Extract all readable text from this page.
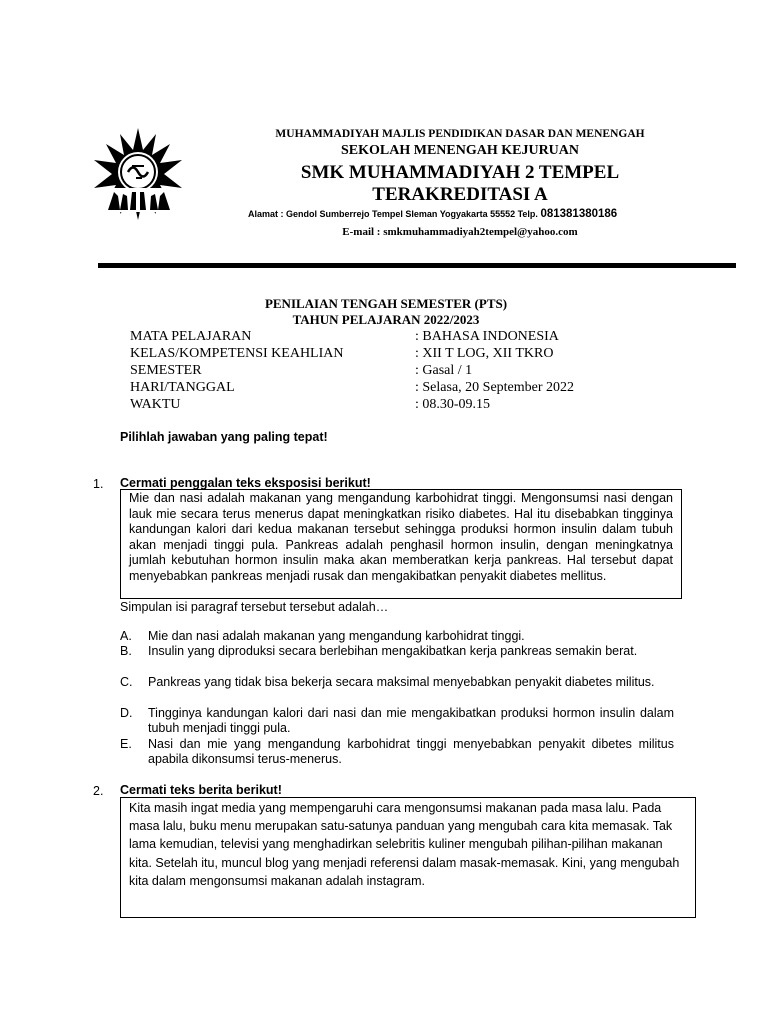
MUHAMMADIYAH MAJLIS PENDIDIKAN DASAR DAN MENENGAH
SEKOLAH MENENGAH KEJURUAN
SMK MUHAMMADIYAH 2 TEMPEL
TERAKREDITASI A
Alamat : Gendol Sumberrejo Tempel Sleman Yogyakarta 55552 Telp. 081381380186
E-mail : smkmuhammadiyah2tempel@yahoo.com
PENILAIAN TENGAH SEMESTER (PTS)
TAHUN PELAJARAN 2022/2023
MATA PELAJARAN	: BAHASA INDONESIA
KELAS/KOMPETENSI KEAHLIAN	: XII T LOG, XII TKRO
SEMESTER	: Gasal / 1
HARI/TANGGAL	: Selasa, 20 September 2022
WAKTU	: 08.30-09.15
Pilihlah jawaban yang paling tepat!
1. Cermati penggalan teks eksposisi berikut!
Mie dan nasi adalah makanan yang mengandung karbohidrat tinggi. Mengonsumsi nasi dengan lauk mie secara terus menerus dapat meningkatkan risiko diabetes. Hal itu disebabkan tingginya kandungan kalori dari kedua makanan tersebut sehingga produksi hormon insulin dalam tubuh akan menjadi tinggi pula. Pankreas adalah penghasil hormon insulin, dengan meningkatnya jumlah kebutuhan hormon insulin maka akan memberatkan kerja pankreas. Hal tersebut dapat menyebabkan pankreas menjadi rusak dan mengakibatkan penyakit diabetes mellitus.
Simpulan isi paragraf tersebut tersebut adalah…
A. Mie dan nasi adalah makanan yang mengandung karbohidrat tinggi.
B. Insulin yang diproduksi secara berlebihan mengakibatkan kerja pankreas semakin berat.
C. Pankreas yang tidak bisa bekerja secara maksimal menyebabkan penyakit diabetes militus.
D. Tingginya kandungan kalori dari nasi dan mie mengakibatkan produksi hormon insulin dalam tubuh menjadi tinggi pula.
E. Nasi dan mie yang mengandung karbohidrat tinggi menyebabkan penyakit dibetes militus apabila dikonsumsi terus-menerus.
2. Cermati teks berita berikut!
Kita masih ingat media yang mempengaruhi cara mengonsumsi makanan pada masa lalu. Pada masa lalu, buku menu merupakan satu-satunya panduan yang mengubah cara kita memasak. Tak lama kemudian, televisi yang menghadirkan selebritis kuliner mengubah pilihan-pilihan makanan kita. Setelah itu, muncul blog yang menjadi referensi dalam masak-memasak. Kini, yang mengubah kita dalam mengonsumsi makanan adalah instagram.
